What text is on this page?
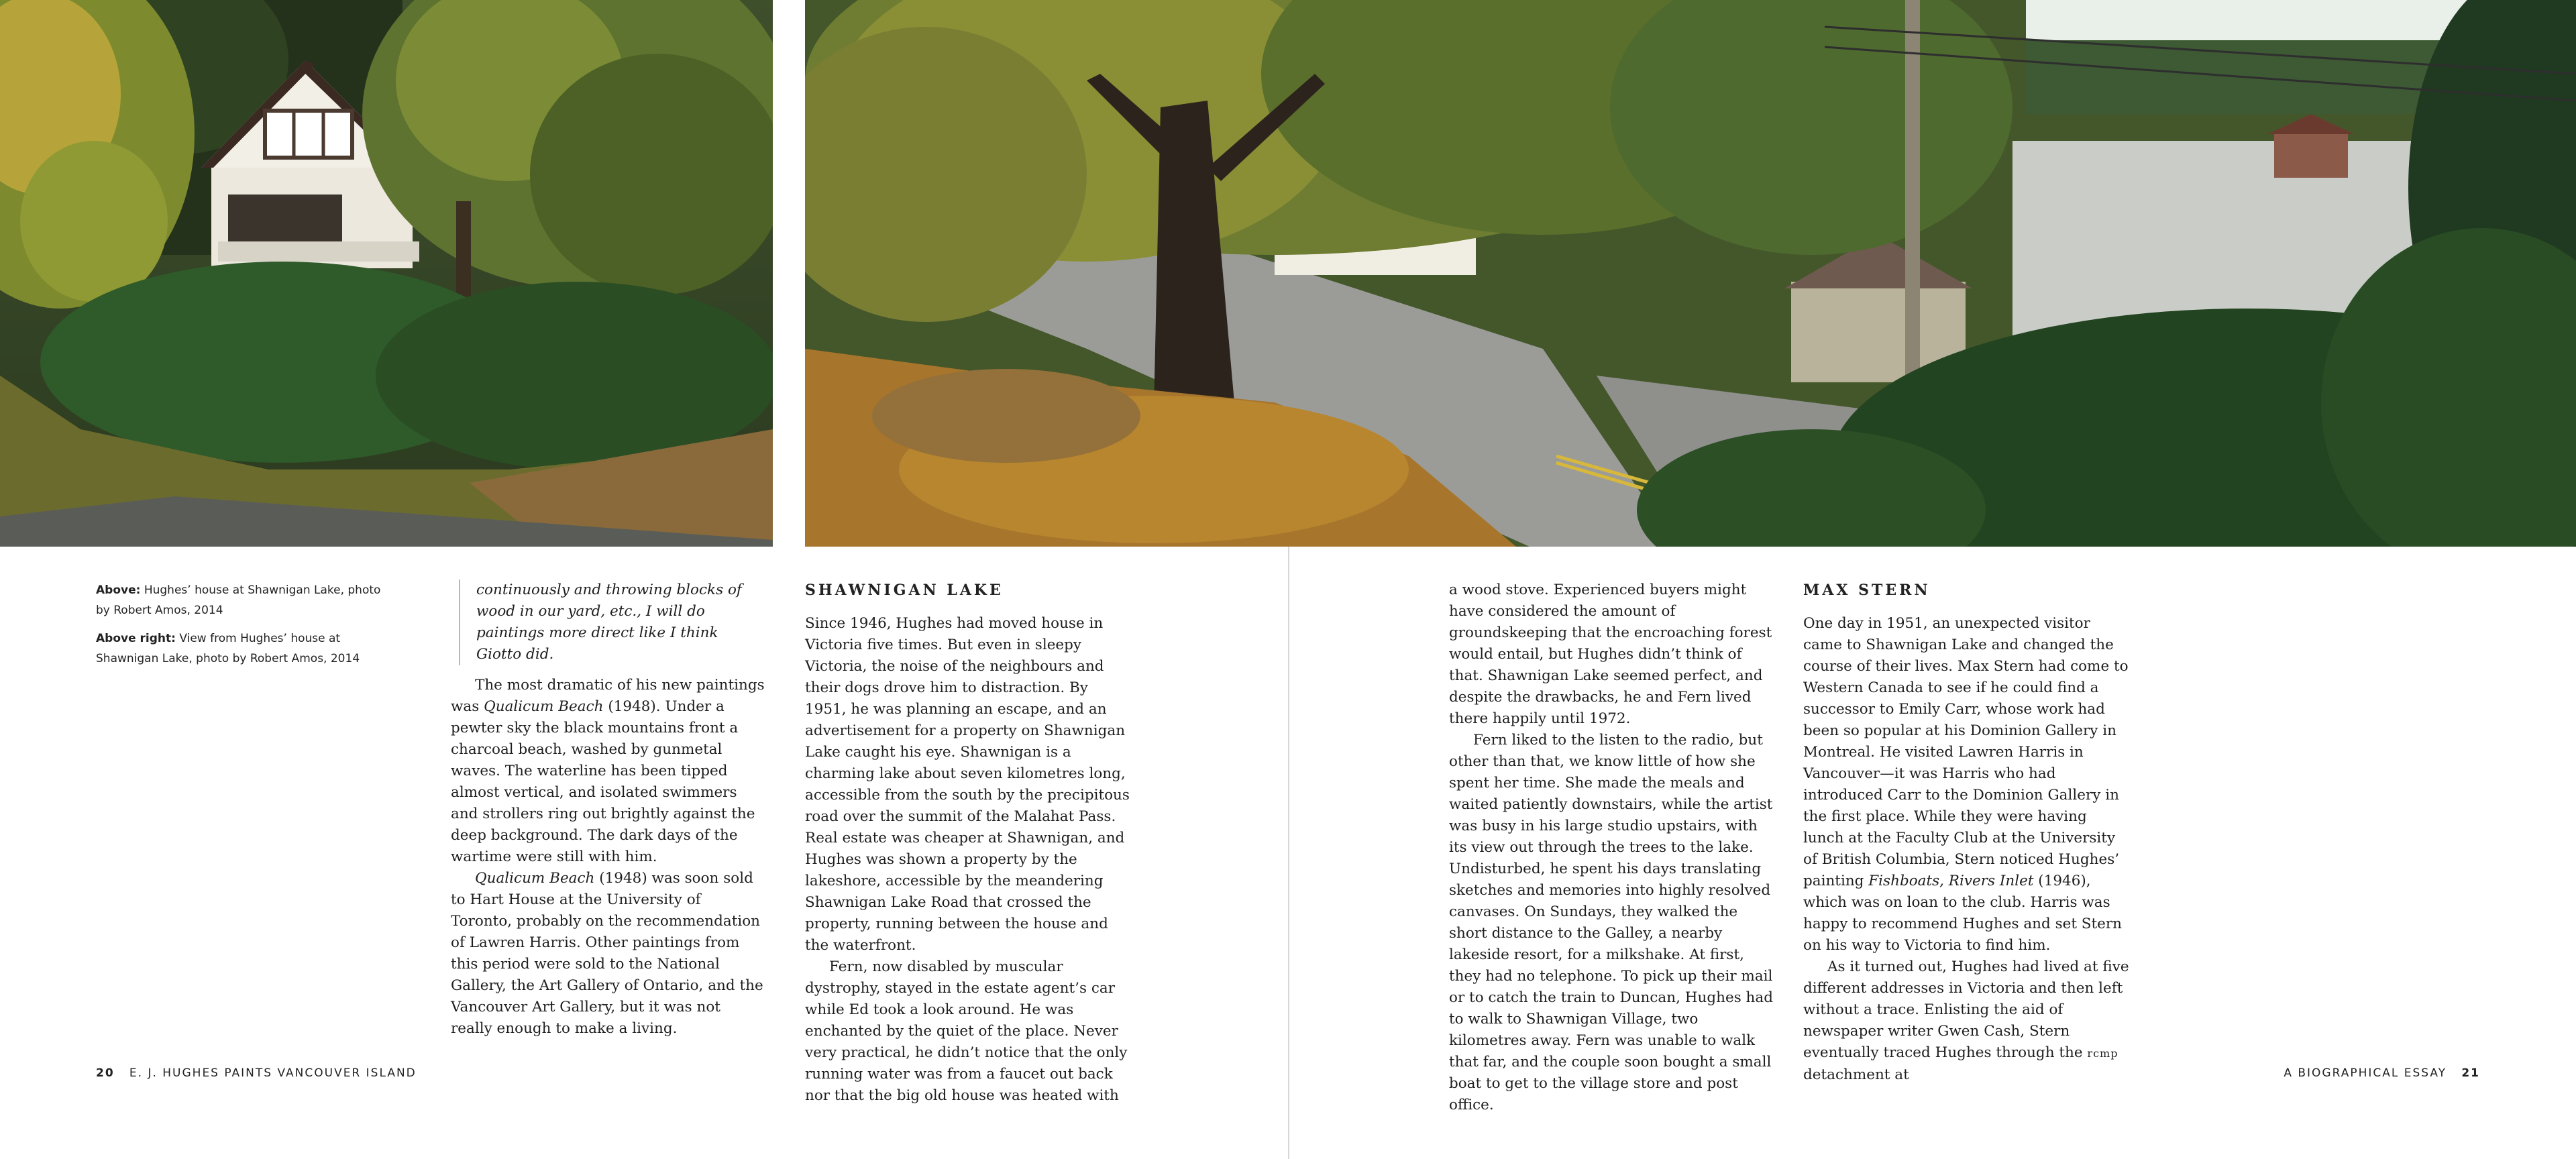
Above: Hughes’ house at Shawnigan Lake, photo by Robert Amos, 2014

Above right: View from Hughes’ house at Shawnigan Lake, photo by Robert Amos, 2014

continuously and throwing blocks of wood in our yard, etc., I will do paintings more direct like I think Giotto did.

The most dramatic of his new paintings was Qualicum Beach (1948). Under a pewter sky the black mountains front a charcoal beach, washed by gunmetal waves. The waterline has been tipped almost vertical, and isolated swimmers and strollers ring out brightly against the deep background. The dark days of the wartime were still with him.

Qualicum Beach (1948) was soon sold to Hart House at the University of Toronto, probably on the recommendation of Lawren Harris. Other paintings from this period were sold to the National Gallery, the Art Gallery of Ontario, and the Vancouver Art Gallery, but it was not really enough to make a living.

SHAWNIGAN LAKE

Since 1946, Hughes had moved house in Victoria five times. But even in sleepy Victoria, the noise of the neighbours and their dogs drove him to distraction. By 1951, he was planning an escape, and an advertisement for a property on Shawnigan Lake caught his eye. Shawnigan is a charming lake about seven kilometres long, accessible from the south by the precipitous road over the summit of the Malahat Pass. Real estate was cheaper at Shawnigan, and Hughes was shown a property by the lakeshore, accessible by the meandering Shawnigan Lake Road that crossed the property, running between the house and the waterfront.

Fern, now disabled by muscular dystrophy, stayed in the estate agent’s car while Ed took a look around. He was enchanted by the quiet of the place. Never very practical, he didn’t notice that the only running water was from a faucet out back nor that the big old house was heated with

a wood stove. Experienced buyers might have considered the amount of groundskeeping that the encroaching forest would entail, but Hughes didn’t think of that. Shawnigan Lake seemed perfect, and despite the drawbacks, he and Fern lived there happily until 1972.

Fern liked to the listen to the radio, but other than that, we know little of how she spent her time. She made the meals and waited patiently downstairs, while the artist was busy in his large studio upstairs, with its view out through the trees to the lake. Undisturbed, he spent his days translating sketches and memories into highly resolved canvases. On Sundays, they walked the short distance to the Galley, a nearby lakeside resort, for a milkshake. At first, they had no telephone. To pick up their mail or to catch the train to Duncan, Hughes had to walk to Shawnigan Village, two kilometres away. Fern was unable to walk that far, and the couple soon bought a small boat to get to the village store and post office.

MAX STERN

One day in 1951, an unexpected visitor came to Shawnigan Lake and changed the course of their lives. Max Stern had come to Western Canada to see if he could find a successor to Emily Carr, whose work had been so popular at his Dominion Gallery in Montreal. He visited Lawren Harris in Vancouver—it was Harris who had introduced Carr to the Dominion Gallery in the first place. While they were having lunch at the Faculty Club at the University of British Columbia, Stern noticed Hughes’ painting Fishboats, Rivers Inlet (1946), which was on loan to the club. Harris was happy to recommend Hughes and set Stern on his way to Victoria to find him.

As it turned out, Hughes had lived at five different addresses in Victoria and then left without a trace. Enlisting the aid of newspaper writer Gwen Cash, Stern eventually traced Hughes through the rcmp detachment at

20 E. J. HUGHES PAINTS VANCOUVER ISLAND	A BIOGRAPHICAL ESSAY 21
